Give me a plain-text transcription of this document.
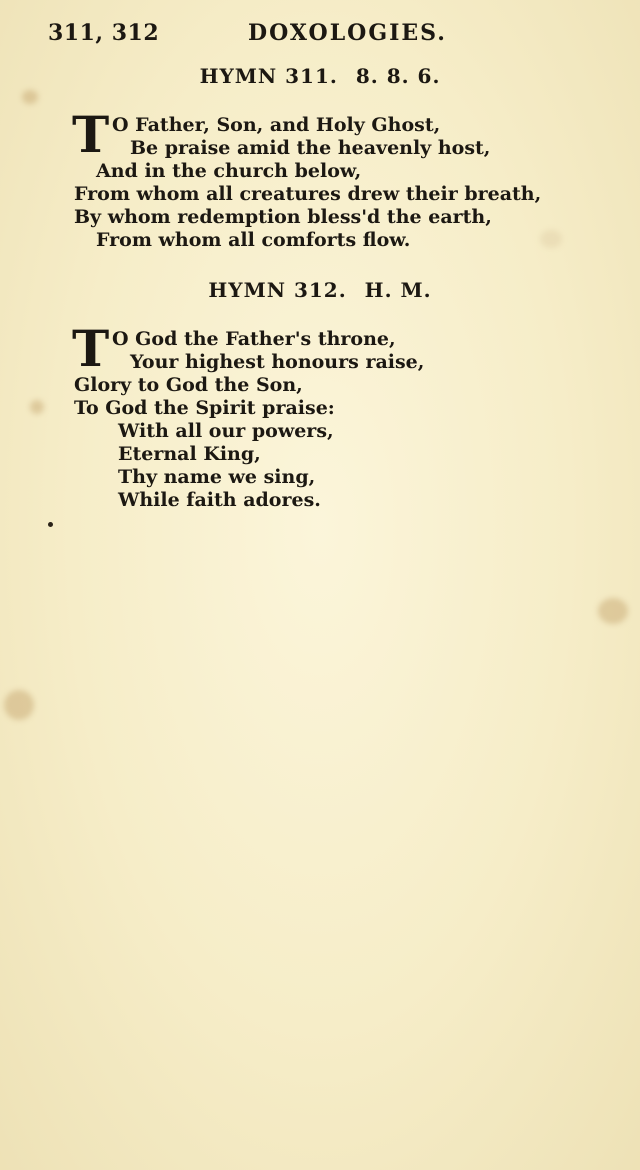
311, 312	DOXOLOGIES.
HYMN 311. 8. 8. 6.
T O Father, Son, and Holy Ghost,
Be praise amid the heavenly host,
And in the church below,
From whom all creatures drew their breath,
By whom redemption bless'd the earth,
From whom all comforts flow.
HYMN 312. H. M.
T O God the Father's throne,
Your highest honours raise,
Glory to God the Son,
To God the Spirit praise:
With all our powers,
Eternal King,
Thy name we sing,
While faith adores.
